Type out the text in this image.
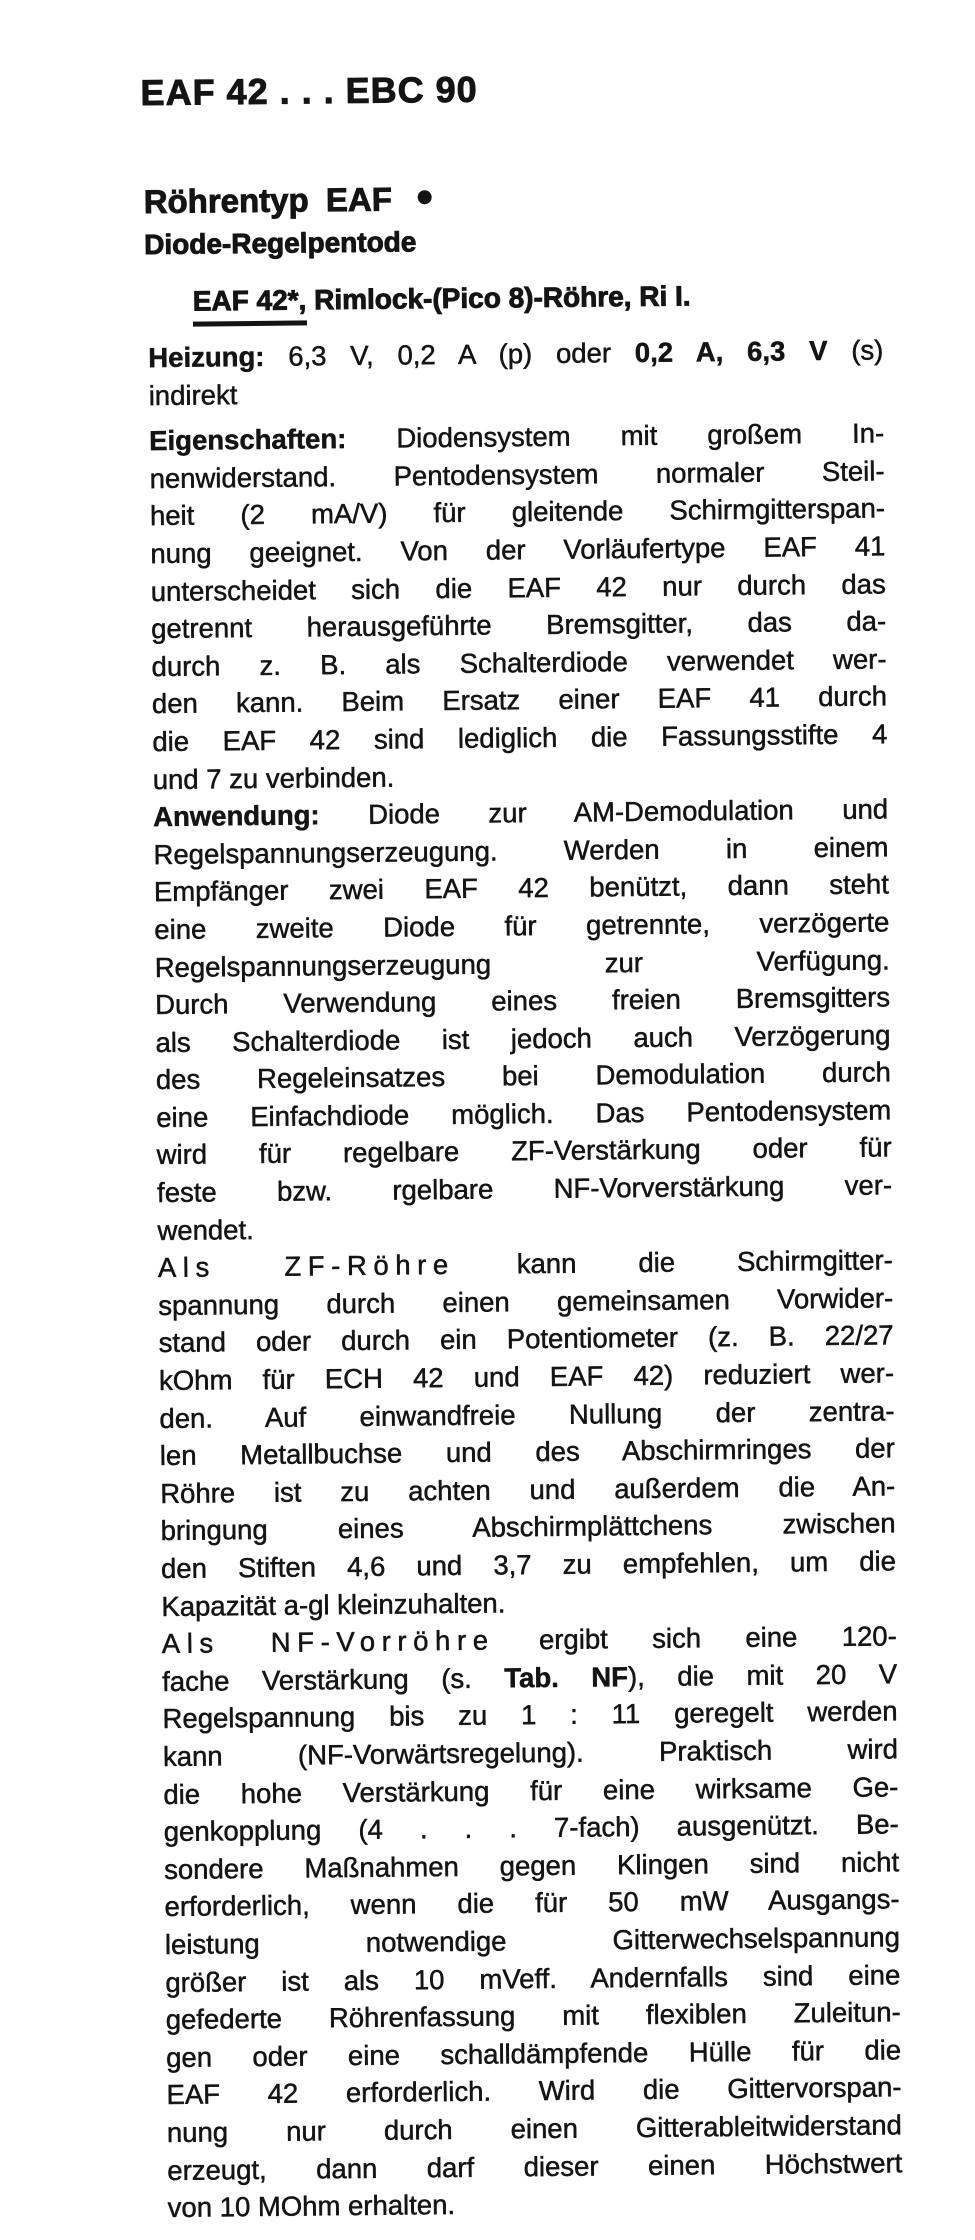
EAF 42 . . . EBC 90
Röhrentyp EAF
Diode-Regelpentode
EAF 42*, Rimlock-(Pico 8)-Röhre, Ri I.
Heizung: 6,3 V, 0,2 A (p) oder 0,2 A, 6,3 V (s)
indirekt
Eigenschaften: Diodensystem mit großem In-
nenwiderstand. Pentodensystem normaler Steil-
heit (2 mA/V) für gleitende Schirmgitterspan-
nung geeignet. Von der Vorläufertype EAF 41
unterscheidet sich die EAF 42 nur durch das
getrennt herausgeführte Bremsgitter, das da-
durch z. B. als Schalterdiode verwendet wer-
den kann. Beim Ersatz einer EAF 41 durch
die EAF 42 sind lediglich die Fassungsstifte 4
und 7 zu verbinden.
Anwendung: Diode zur AM-Demodulation und
Regelspannungserzeugung. Werden in einem
Empfänger zwei EAF 42 benützt, dann steht
eine zweite Diode für getrennte, verzögerte
Regelspannungserzeugung zur Verfügung.
Durch Verwendung eines freien Bremsgitters
als Schalterdiode ist jedoch auch Verzögerung
des Regeleinsatzes bei Demodulation durch
eine Einfachdiode möglich. Das Pentodensystem
wird für regelbare ZF-Verstärkung oder für
feste bzw. rgelbare NF-Vorverstärkung ver-
wendet.
Als ZF-Röhre kann die Schirmgitter-
spannung durch einen gemeinsamen Vorwider-
stand oder durch ein Potentiometer (z. B. 22/27
kOhm für ECH 42 und EAF 42) reduziert wer-
den. Auf einwandfreie Nullung der zentra-
len Metallbuchse und des Abschirmringes der
Röhre ist zu achten und außerdem die An-
bringung eines Abschirmplättchens zwischen
den Stiften 4,6 und 3,7 zu empfehlen, um die
Kapazität a-gl kleinzuhalten.
Als NF-Vorröhre ergibt sich eine 120-
fache Verstärkung (s. Tab. NF), die mit 20 V
Regelspannung bis zu 1 : 11 geregelt werden
kann (NF-Vorwärtsregelung). Praktisch wird
die hohe Verstärkung für eine wirksame Ge-
genkopplung (4 . . . 7-fach) ausgenützt. Be-
sondere Maßnahmen gegen Klingen sind nicht
erforderlich, wenn die für 50 mW Ausgangs-
leistung notwendige Gitterwechselspannung
größer ist als 10 mVeff. Andernfalls sind eine
gefederte Röhrenfassung mit flexiblen Zuleitun-
gen oder eine schalldämpfende Hülle für die
EAF 42 erforderlich. Wird die Gittervorspan-
nung nur durch einen Gitterableitwiderstand
erzeugt, dann darf dieser einen Höchstwert
von 10 MOhm erhalten.
